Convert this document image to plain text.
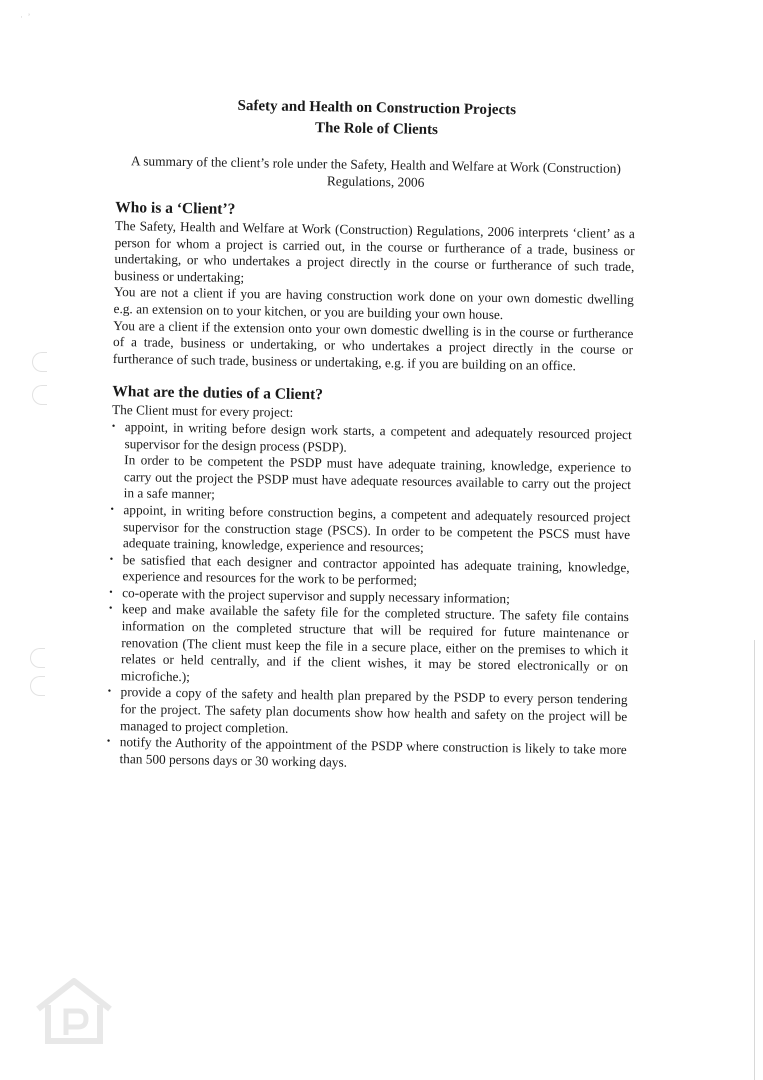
·  ʼ
Safety and Health on Construction Projects
The Role of Clients

A summary of the client’s role under the Safety, Health and Welfare at Work (Construction) Regulations, 2006

Who is a ‘Client’?

The Safety, Health and Welfare at Work (Construction) Regulations, 2006 interprets ‘client’ as a person for whom a project is carried out, in the course or furtherance of a trade, business or undertaking, or who undertakes a project directly in the course or furtherance of such trade, business or undertaking;

You are not a client if you are having construction work done on your own domestic dwelling e.g. an extension on to your kitchen, or you are building your own house.

You are a client if the extension onto your own domestic dwelling is in the course or furtherance of a trade, business or undertaking, or who undertakes a project directly in the course or furtherance of such trade, business or undertaking, e.g. if you are building on an office.

What are the duties of a Client?

The Client must for every project:

• appoint, in writing before design work starts, a competent and adequately resourced project supervisor for the design process (PSDP).
In order to be competent the PSDP must have adequate training, knowledge, experience to carry out the project the PSDP must have adequate resources available to carry out the project in a safe manner;
• appoint, in writing before construction begins, a competent and adequately resourced project supervisor for the construction stage (PSCS). In order to be competent the PSCS must have adequate training, knowledge, experience and resources;
• be satisfied that each designer and contractor appointed has adequate training, knowledge, experience and resources for the work to be performed;
• co-operate with the project supervisor and supply necessary information;
• keep and make available the safety file for the completed structure. The safety file contains information on the completed structure that will be required for future maintenance or renovation (The client must keep the file in a secure place, either on the premises to which it relates or held centrally, and if the client wishes, it may be stored electronically or on microfiche.);
• provide a copy of the safety and health plan prepared by the PSDP to every person tendering for the project. The safety plan documents show how health and safety on the project will be managed to project completion.
• notify the Authority of the appointment of the PSDP where construction is likely to take more than 500 persons days or 30 working days.
